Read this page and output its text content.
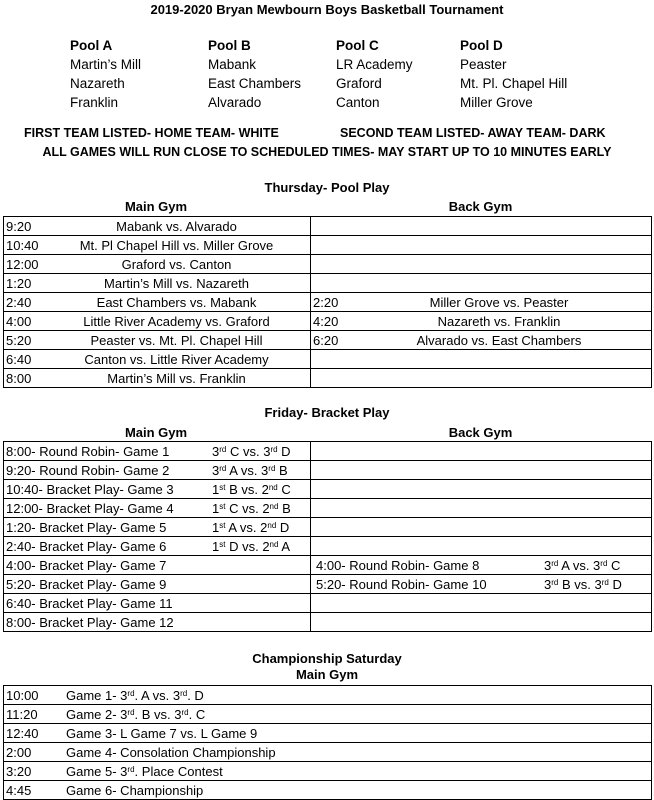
2019-2020 Bryan Mewbourn Boys Basketball Tournament
Pool A
Martin’s Mill
Nazareth
Franklin
Pool B
Mabank
East Chambers
Alvarado
Pool C
LR Academy
Graford
Canton
Pool D
Peaster
Mt. Pl. Chapel Hill
Miller Grove
FIRST TEAM LISTED- HOME TEAM- WHITE	SECOND TEAM LISTED- AWAY TEAM- DARK
ALL GAMES WILL RUN CLOSE TO SCHEDULED TIMES- MAY START UP TO 10 MINUTES EARLY
Thursday- Pool Play
Main Gym	Back Gym
9:20 Mabank vs. Alvarado	
10:40 Mt. Pl Chapel Hill vs. Miller Grove	
12:00 Graford vs. Canton	
1:20 Martin’s Mill vs. Nazareth	
2:40 East Chambers vs. Mabank	2:20 Miller Grove vs. Peaster
4:00 Little River Academy vs. Graford	4:20 Nazareth vs. Franklin
5:20 Peaster vs. Mt. Pl. Chapel Hill	6:20 Alvarado vs. East Chambers
6:40 Canton vs. Little River Academy	
8:00 Martin’s Mill vs. Franklin	
Friday- Bracket Play
Main Gym	Back Gym
8:00- Round Robin- Game 1 3rd C vs. 3rd D	
9:20- Round Robin- Game 2 3rd A vs. 3rd B	
10:40- Bracket Play- Game 3 1st B vs. 2nd C	
12:00- Bracket Play- Game 4 1st C vs. 2nd B	
1:20- Bracket Play- Game 5 1st A vs. 2nd D	
2:40- Bracket Play- Game 6 1st D vs. 2nd A	
4:00- Bracket Play- Game 7	4:00- Round Robin- Game 8 3rd A vs. 3rd C
5:20- Bracket Play- Game 9	5:20- Round Robin- Game 10 3rd B vs. 3rd D
6:40- Bracket Play- Game 11	
8:00- Bracket Play- Game 12	
Championship Saturday
Main Gym
10:00 Game 1- 3rd. A vs. 3rd. D
11:20 Game 2- 3rd. B vs. 3rd. C
12:40 Game 3- L Game 7 vs. L Game 9
2:00	Game 4- Consolation Championship
3:20	Game 5- 3rd. Place Contest
4:45	Game 6- Championship
